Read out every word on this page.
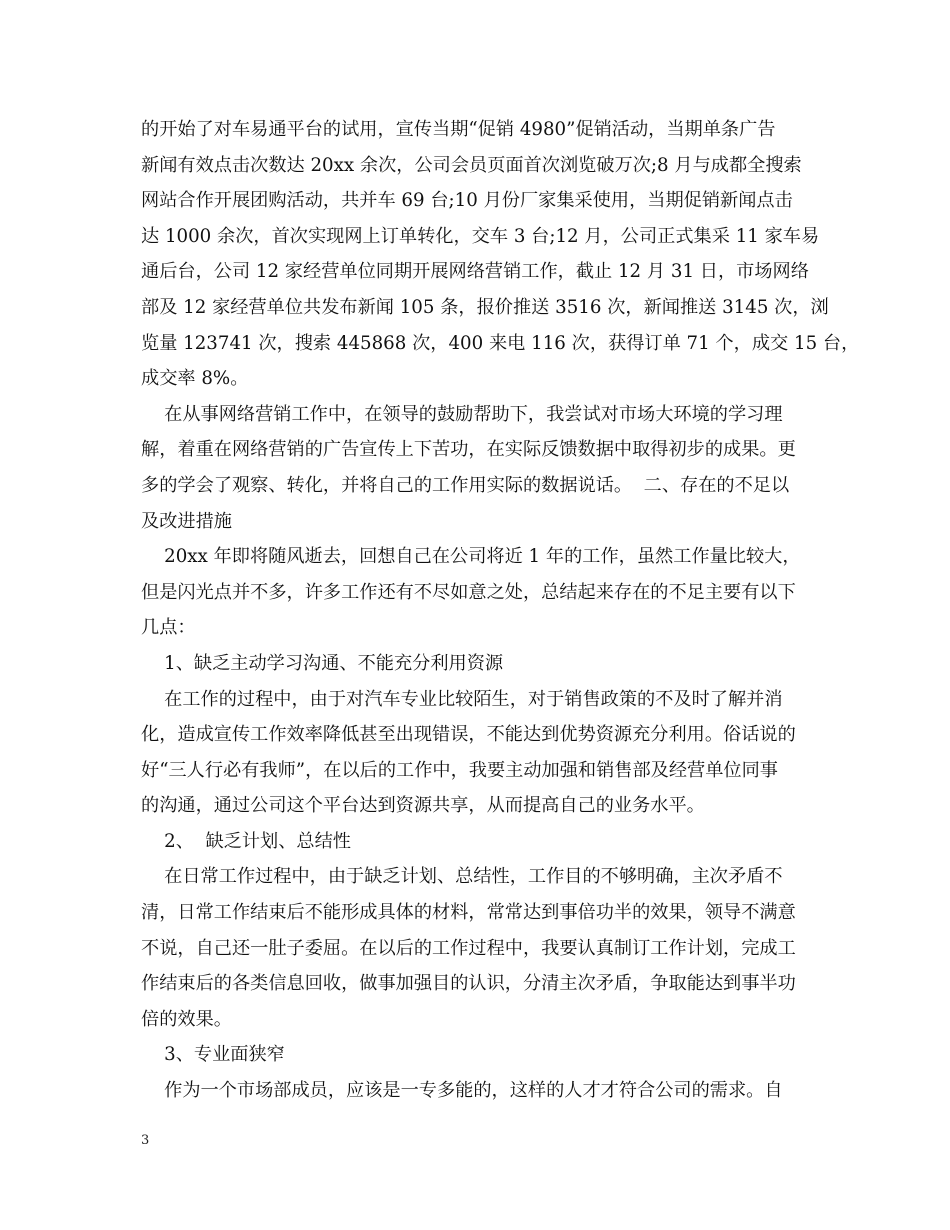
的开始了对车易通平台的试用，宣传当期“促销 4980”促销活动，当期单条广告
新闻有效点击次数达 20xx 余次，公司会员页面首次浏览破万次;8 月与成都全搜索
网站合作开展团购活动，共并车 69 台;10 月份厂家集采使用，当期促销新闻点击
达 1000 余次，首次实现网上订单转化，交车 3 台;12 月，公司正式集采 11 家车易
通后台，公司 12 家经营单位同期开展网络营销工作，截止 12 月 31 日，市场网络
部及 12 家经营单位共发布新闻 105 条，报价推送 3516 次，新闻推送 3145 次，浏
览量 123741 次，搜索 445868 次，400 来电 116 次，获得订单 71 个，成交 15 台，
成交率 8%。
在从事网络营销工作中，在领导的鼓励帮助下，我尝试对市场大环境的学习理
解，着重在网络营销的广告宣传上下苦功，在实际反馈数据中取得初步的成果。更
多的学会了观察、转化，并将自己的工作用实际的数据说话。  二、存在的不足以
及改进措施
20xx 年即将随风逝去，回想自己在公司将近 1 年的工作，虽然工作量比较大，
但是闪光点并不多，许多工作还有不尽如意之处，总结起来存在的不足主要有以下
几点：
1、缺乏主动学习沟通、不能充分利用资源
在工作的过程中，由于对汽车专业比较陌生，对于销售政策的不及时了解并消
化，造成宣传工作效率降低甚至出现错误，不能达到优势资源充分利用。俗话说的
好“三人行必有我师”，在以后的工作中，我要主动加强和销售部及经营单位同事
的沟通，通过公司这个平台达到资源共享，从而提高自己的业务水平。
2、  缺乏计划、总结性
在日常工作过程中，由于缺乏计划、总结性，工作目的不够明确，主次矛盾不
清，日常工作结束后不能形成具体的材料，常常达到事倍功半的效果，领导不满意
不说，自己还一肚子委屈。在以后的工作过程中，我要认真制订工作计划，完成工
作结束后的各类信息回收，做事加强目的认识，分清主次矛盾，争取能达到事半功
倍的效果。
3、专业面狭窄
作为一个市场部成员，应该是一专多能的，这样的人才才符合公司的需求。自
3
